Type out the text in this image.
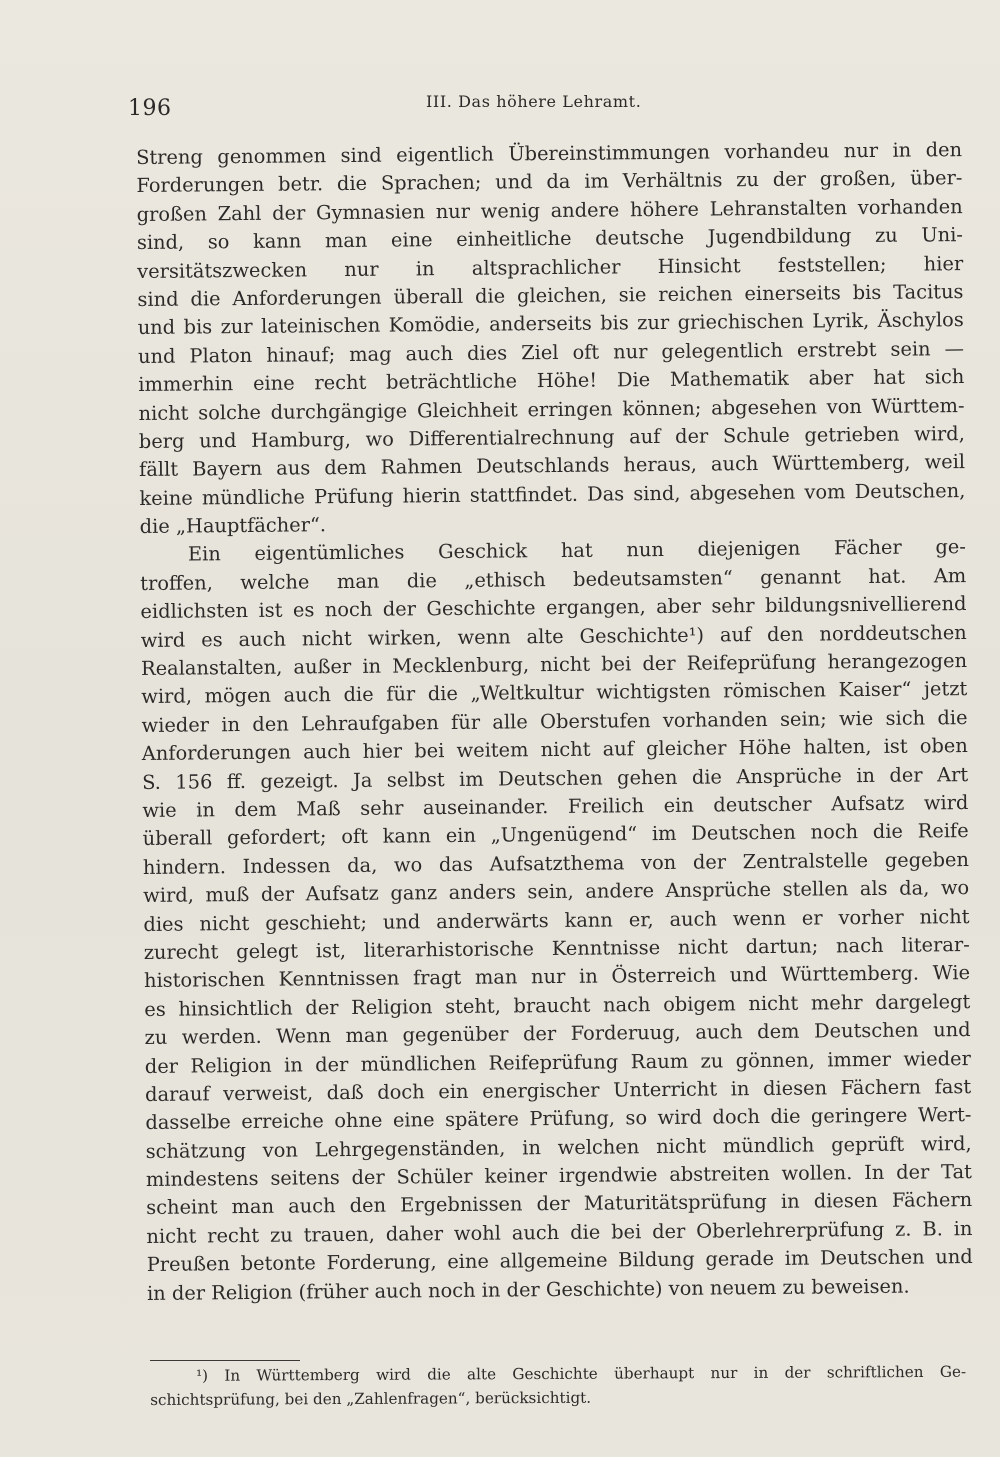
196	III. Das höhere Lehramt.
Streng genommen sind eigentlich Übereinstimmungen vorhandeu nur in den
Forderungen betr. die Sprachen; und da im Verhältnis zu der großen, über-
großen Zahl der Gymnasien nur wenig andere höhere Lehranstalten vorhanden
sind, so kann man eine einheitliche deutsche Jugendbildung zu Uni-
versitätszwecken nur in altsprachlicher Hinsicht feststellen; hier
sind die Anforderungen überall die gleichen, sie reichen einerseits bis Tacitus
und bis zur lateinischen Komödie, anderseits bis zur griechischen Lyrik, Äschylos
und Platon hinauf; mag auch dies Ziel oft nur gelegentlich erstrebt sein —
immerhin eine recht beträchtliche Höhe! Die Mathematik aber hat sich
nicht solche durchgängige Gleichheit erringen können; abgesehen von Württem-
berg und Hamburg, wo Differentialrechnung auf der Schule getrieben wird,
fällt Bayern aus dem Rahmen Deutschlands heraus, auch Württemberg, weil
keine mündliche Prüfung hierin stattfindet. Das sind, abgesehen vom Deutschen,
die „Hauptfächer“.
Ein eigentümliches Geschick hat nun diejenigen Fächer ge-
troffen, welche man die „ethisch bedeutsamsten“ genannt hat. Am
eidlichsten ist es noch der Geschichte ergangen, aber sehr bildungsnivellierend
wird es auch nicht wirken, wenn alte Geschichte¹) auf den norddeutschen
Realanstalten, außer in Mecklenburg, nicht bei der Reifeprüfung herangezogen
wird, mögen auch die für die „Weltkultur wichtigsten römischen Kaiser“ jetzt
wieder in den Lehraufgaben für alle Oberstufen vorhanden sein; wie sich die
Anforderungen auch hier bei weitem nicht auf gleicher Höhe halten, ist oben
S. 156 ff. gezeigt. Ja selbst im Deutschen gehen die Ansprüche in der Art
wie in dem Maß sehr auseinander. Freilich ein deutscher Aufsatz wird
überall gefordert; oft kann ein „Ungenügend“ im Deutschen noch die Reife
hindern. Indessen da, wo das Aufsatzthema von der Zentralstelle gegeben
wird, muß der Aufsatz ganz anders sein, andere Ansprüche stellen als da, wo
dies nicht geschieht; und anderwärts kann er, auch wenn er vorher nicht
zurecht gelegt ist, literarhistorische Kenntnisse nicht dartun; nach literar-
historischen Kenntnissen fragt man nur in Österreich und Württemberg. Wie
es hinsichtlich der Religion steht, braucht nach obigem nicht mehr dargelegt
zu werden. Wenn man gegenüber der Forderuug, auch dem Deutschen und
der Religion in der mündlichen Reifeprüfung Raum zu gönnen, immer wieder
darauf verweist, daß doch ein energischer Unterricht in diesen Fächern fast
dasselbe erreiche ohne eine spätere Prüfung, so wird doch die geringere Wert-
schätzung von Lehrgegenständen, in welchen nicht mündlich geprüft wird,
mindestens seitens der Schüler keiner irgendwie abstreiten wollen. In der Tat
scheint man auch den Ergebnissen der Maturitätsprüfung in diesen Fächern
nicht recht zu trauen, daher wohl auch die bei der Oberlehrerprüfung z. B. in
Preußen betonte Forderung, eine allgemeine Bildung gerade im Deutschen und
in der Religion (früher auch noch in der Geschichte) von neuem zu beweisen.
¹) In Württemberg wird die alte Geschichte überhaupt nur in der schriftlichen Ge-
schichtsprüfung, bei den „Zahlenfragen“, berücksichtigt.
